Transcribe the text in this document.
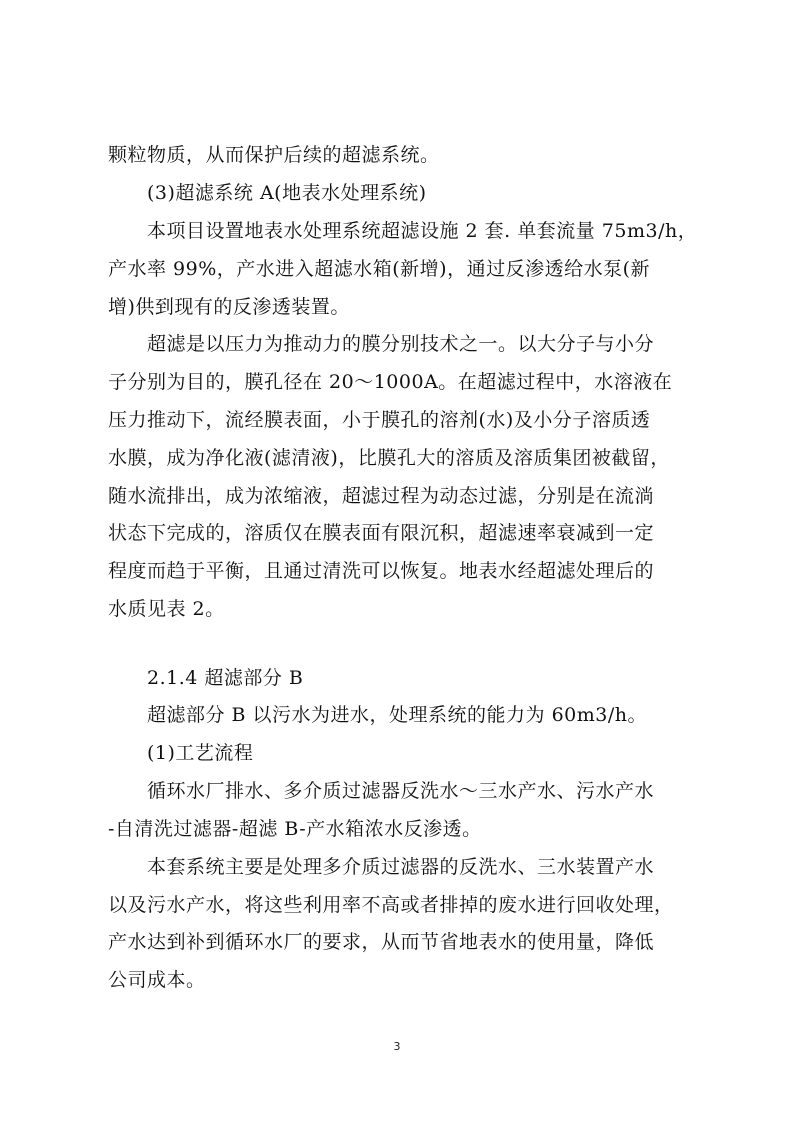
颗粒物质，从而保护后续的超滤系统。
(3)超滤系统 A(地表水处理系统)
本项目设置地表水处理系统超滤设施 2 套. 单套流量 75m3/h，
产水率 99%，产水进入超滤水箱(新增)，通过反渗透给水泵(新
增)供到现有的反渗透装置。
超滤是以压力为推动力的膜分别技术之一。以大分子与小分
子分别为目的，膜孔径在 20～1000A。在超滤过程中，水溶液在
压力推动下，流经膜表面，小于膜孔的溶剂(水)及小分子溶质透
水膜，成为净化液(滤清液)，比膜孔大的溶质及溶质集团被截留，
随水流排出，成为浓缩液，超滤过程为动态过滤，分别是在流淌
状态下完成的，溶质仅在膜表面有限沉积，超滤速率衰减到一定
程度而趋于平衡，且通过清洗可以恢复。地表水经超滤处理后的
水质见表 2。
2.1.4 超滤部分 B
超滤部分 B 以污水为进水，处理系统的能力为 60m3/h。
(1)工艺流程
循环水厂排水、多介质过滤器反洗水～三水产水、污水产水
-自清洗过滤器-超滤 B-产水箱浓水反渗透。
本套系统主要是处理多介质过滤器的反洗水、三水装置产水
以及污水产水，将这些利用率不高或者排掉的废水进行回收处理，
产水达到补到循环水厂的要求，从而节省地表水的使用量，降低
公司成本。
3
